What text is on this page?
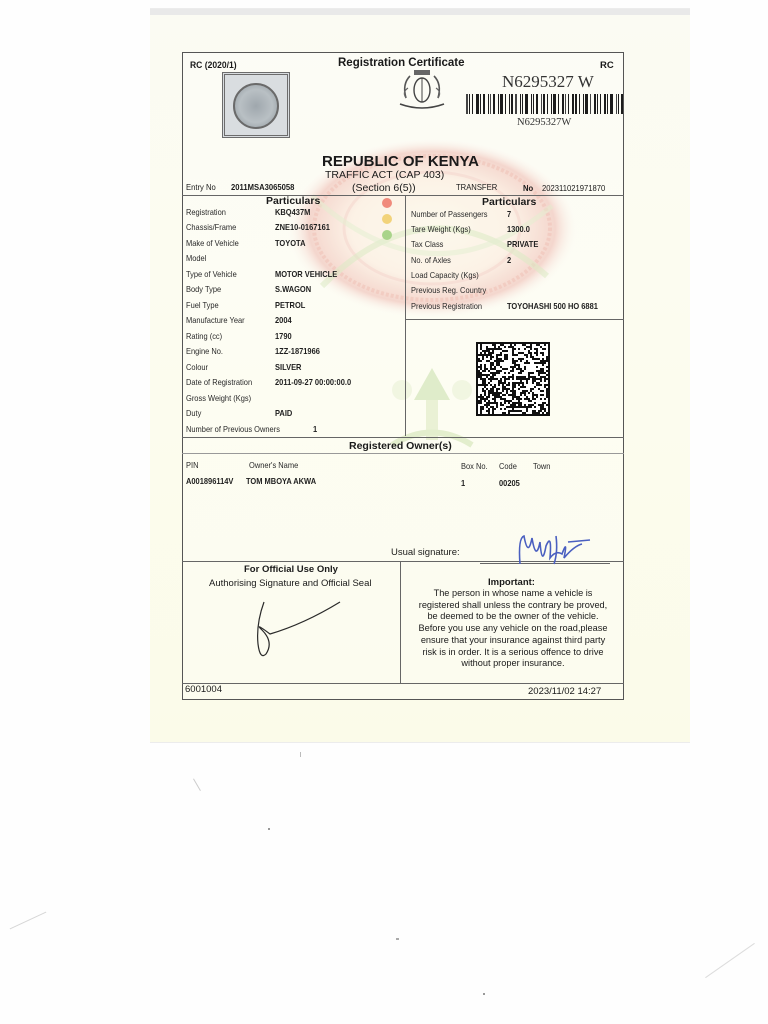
RC (2020/1)	Registration Certificate	RC
N6295327 W
N6295327W
REPUBLIC OF KENYA
TRAFFIC ACT (CAP 403)
(Section 6(5))
Entry No 2011MSA3065058	TRANSFER	No 202311021971870
Particulars	Particulars
Registration	KBQ437M
Chassis/Frame	ZNE10-0167161
Make of Vehicle	TOYOTA
Model
Type of Vehicle	MOTOR VEHICLE
Body Type	S.WAGON
Fuel Type	PETROL
Manufacture Year	2004
Rating (cc)	1790
Engine No.	1ZZ-1871966
Colour	SILVER
Date of Registration	2011-09-27 00:00:00.0
Gross Weight (Kgs)
Duty	PAID
Number of Previous Owners	1
Number of Passengers 7
Tare Weight (Kgs)	1300.0
Tax Class	PRIVATE
No. of Axles	2
Load Capacity (Kgs)
Previous Reg. Country
Previous Registration	TOYOHASHI 500 HO 6881
Registered Owner(s)
PIN	Owner's Name	Box No. Code Town
A001896114V TOM MBOYA AKWA	1	00205
Usual signature:
For Official Use Only
Authorising Signature and Official Seal	Important:
The person in whose name a vehicle is
registered shall unless the contrary be proved,
be deemed to be the owner of the vehicle.
Before you use any vehicle on the road,please
ensure that your insurance against third party
risk is in order. It is a serious offence to drive
without proper insurance.
6001004	2023/11/02 14:27
